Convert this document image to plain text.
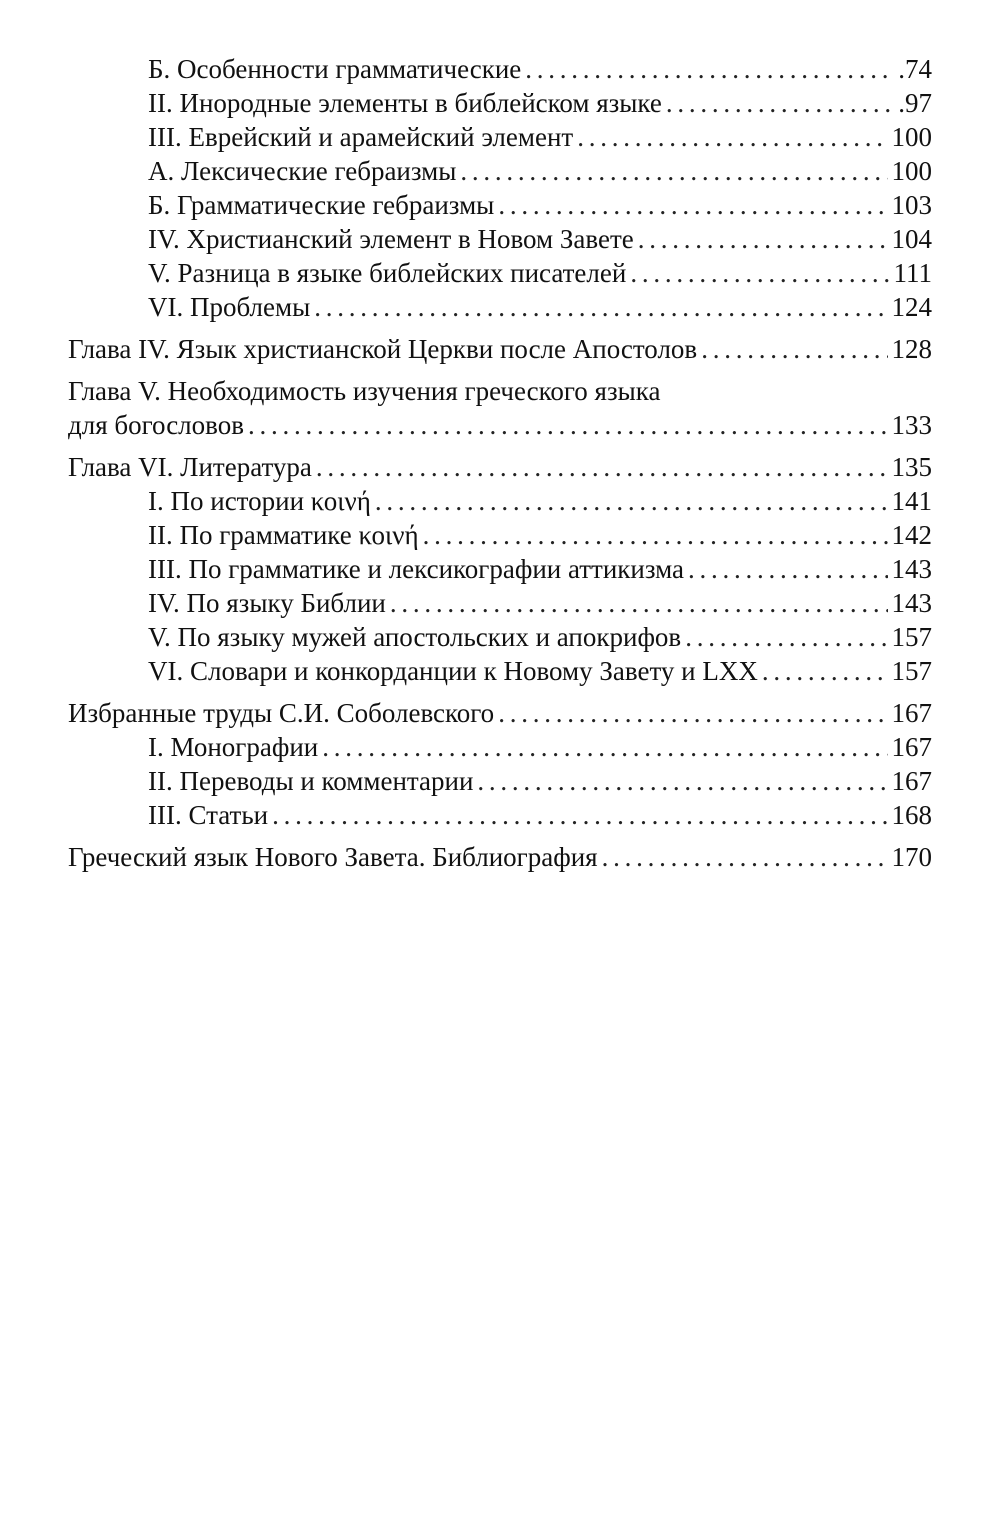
Б. Особенности грамматические . . .	.74
II. Инородные элементы в библейском языке . . .	.97
III. Еврейский и арамейский элемент . . .	100
А. Лексические гебраизмы . . .	100
Б. Грамматические гебраизмы . . .	103
IV. Христианский элемент в Новом Завете . . .	104
V. Разница в языке библейских писателей . . .	111
VI. Проблемы . . .	124
Глава IV. Язык христианской Церкви после Апостолов . . .	128
Глава V. Необходимость изучения греческого языка
для богословов . . .	133
Глава VI. Литература . . .	135
I. По истории κοινή . . .	141
II. По грамматике κοινή . . .	142
III. По грамматике и лексикографии аттикизма . . .	143
IV. По языку Библии . . .	143
V. По языку мужей апостольских и апокрифов . . .	157
VI. Словари и конкорданции к Новому Завету и LXX . . .	157
Избранные труды С.И. Соболевского . . .	167
I. Монографии . . .	167
II. Переводы и комментарии . . .	167
III. Статьи . . .	168
Греческий язык Нового Завета. Библиография . . .	170
